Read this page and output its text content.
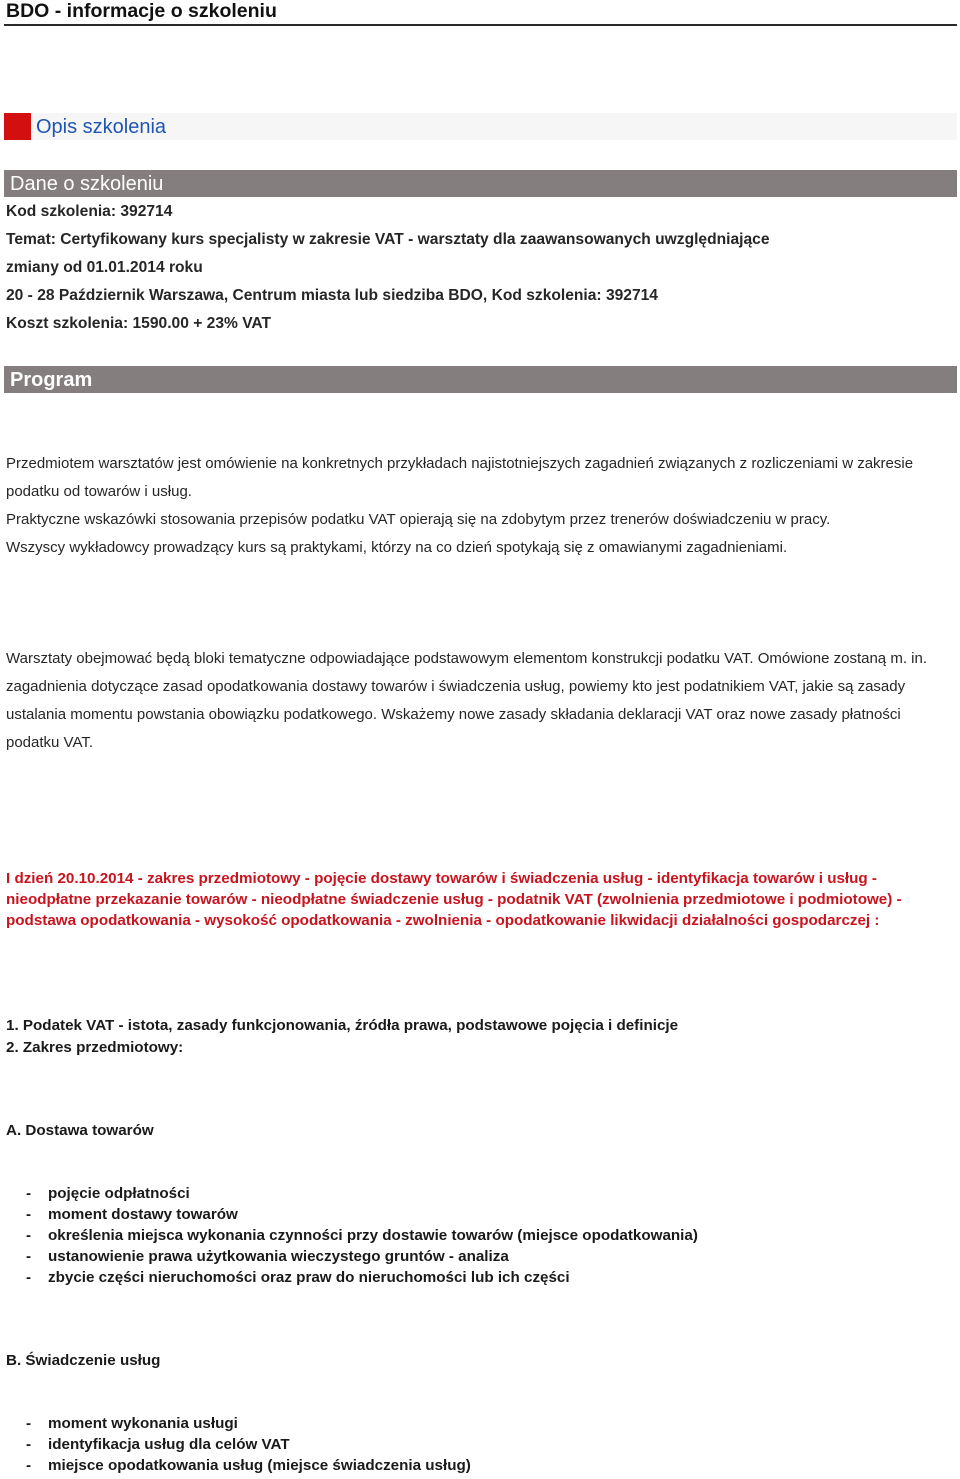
BDO - informacje o szkoleniu
Opis szkolenia
Dane o szkoleniu
Kod szkolenia: 392714
Temat: Certyfikowany kurs specjalisty w zakresie VAT - warsztaty dla zaawansowanych uwzględniające
zmiany od 01.01.2014 roku
20 - 28 Październik Warszawa, Centrum miasta lub siedziba BDO, Kod szkolenia: 392714
Koszt szkolenia: 1590.00 + 23% VAT
Program
Przedmiotem warsztatów jest omówienie na konkretnych przykładach najistotniejszych zagadnień związanych z rozliczeniami w zakresie podatku od towarów i usług.
Praktyczne wskazówki stosowania przepisów podatku VAT opierają się na zdobytym przez trenerów doświadczeniu w pracy.
Wszyscy wykładowcy prowadzący kurs są praktykami, którzy na co dzień spotykają się z omawianymi zagadnieniami.
Warsztaty obejmować będą bloki tematyczne odpowiadające podstawowym elementom konstrukcji podatku VAT. Omówione zostaną m. in. zagadnienia dotyczące zasad opodatkowania dostawy towarów i świadczenia usług, powiemy kto jest podatnikiem VAT, jakie są zasady ustalania momentu powstania obowiązku podatkowego. Wskażemy nowe zasady składania deklaracji VAT oraz nowe zasady płatności podatku VAT.
I dzień 20.10.2014 - zakres przedmiotowy - pojęcie dostawy towarów i świadczenia usług - identyfikacja towarów i usług - nieodpłatne przekazanie towarów - nieodpłatne świadczenie usług - podatnik VAT (zwolnienia przedmiotowe i podmiotowe) - podstawa opodatkowania - wysokość opodatkowania - zwolnienia - opodatkowanie likwidacji działalności gospodarczej :
1. Podatek VAT - istota, zasady funkcjonowania, źródła prawa, podstawowe pojęcia i definicje
2. Zakres przedmiotowy:
A. Dostawa towarów
- pojęcie odpłatności
- moment dostawy towarów
- określenia miejsca wykonania czynności przy dostawie towarów (miejsce opodatkowania)
- ustanowienie prawa użytkowania wieczystego gruntów - analiza
- zbycie części nieruchomości oraz praw do nieruchomości lub ich części
B. Świadczenie usług
- moment wykonania usługi
- identyfikacja usług dla celów VAT
- miejsce opodatkowania usług (miejsce świadczenia usług)
